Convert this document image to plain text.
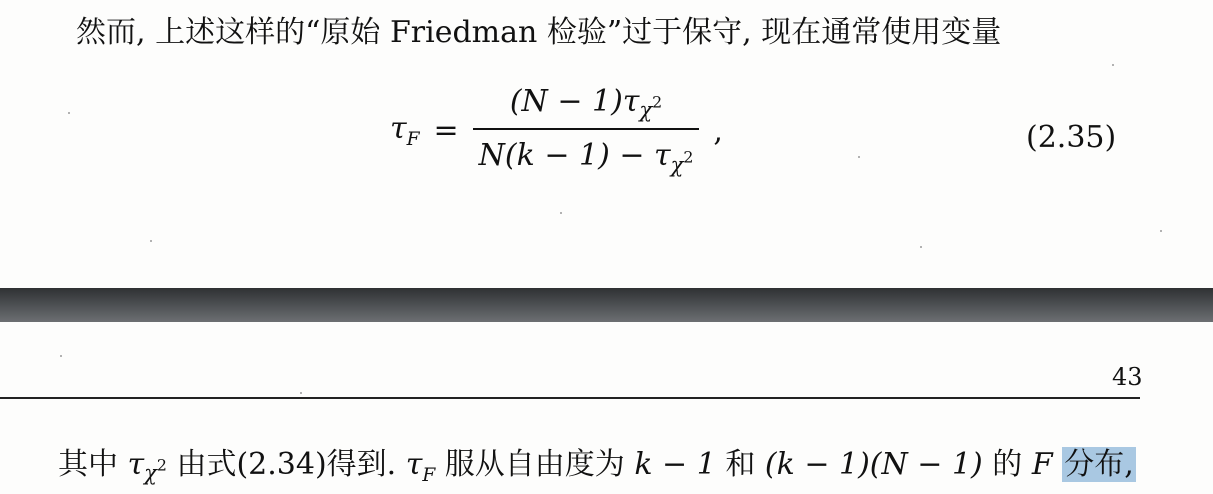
然而, 上述这样的“原始 Friedman 检验”过于保守, 现在通常使用变量
$\tau_F = \frac{(N - 1)\tau_{\chi^2}}{N(k - 1) - \tau_{\chi^2}}$ ,	(2.35)
43
其中 $\tau_{\chi^2}$ 由式(2.34)得到. $\tau_F$ 服从自由度为 k − 1 和 (k − 1)(N − 1) 的 F 分布,
